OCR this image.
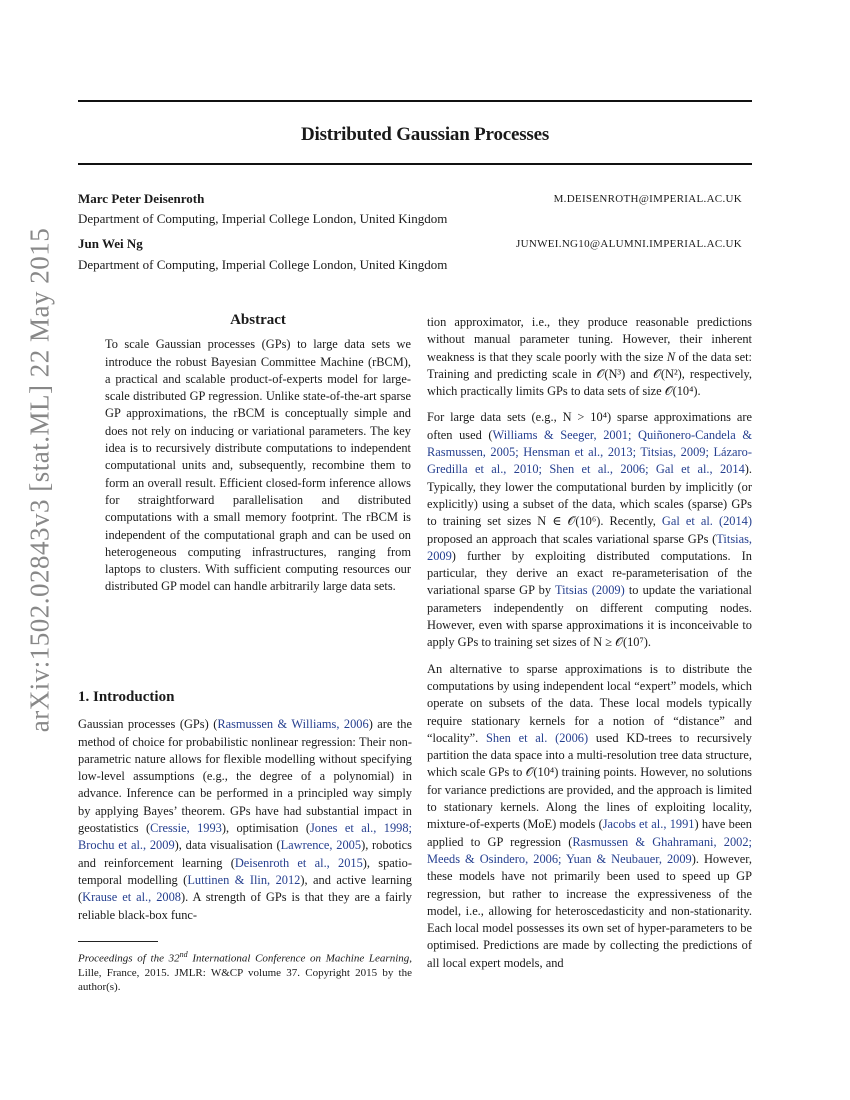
arXiv:1502.02843v3 [stat.ML] 22 May 2015
Distributed Gaussian Processes
Marc Peter Deisenroth	M.DEISENROTH@IMPERIAL.AC.UK
Department of Computing, Imperial College London, United Kingdom
Jun Wei Ng	JUNWEI.NG10@ALUMNI.IMPERIAL.AC.UK
Department of Computing, Imperial College London, United Kingdom
Abstract

To scale Gaussian processes (GPs) to large data sets we introduce the robust Bayesian Committee Machine (rBCM), a practical and scalable product-of-experts model for large-scale distributed GP regression. Unlike state-of-the-art sparse GP approximations, the rBCM is conceptually simple and does not rely on inducing or variational parameters. The key idea is to recursively distribute computations to independent computational units and, subsequently, recombine them to form an overall result. Efficient closed-form inference allows for straightforward parallelisation and distributed computations with a small memory footprint. The rBCM is independent of the computational graph and can be used on heterogeneous computing infrastructures, ranging from laptops to clusters. With sufficient computing resources our distributed GP model can handle arbitrarily large data sets.

1. Introduction

Gaussian processes (GPs) (Rasmussen & Williams, 2006) are the method of choice for probabilistic nonlinear regression: Their non-parametric nature allows for flexible modelling without specifying low-level assumptions (e.g., the degree of a polynomial) in advance. Inference can be performed in a principled way simply by applying Bayes’ theorem. GPs have had substantial impact in geostatistics (Cressie, 1993), optimisation (Jones et al., 1998; Brochu et al., 2009), data visualisation (Lawrence, 2005), robotics and reinforcement learning (Deisenroth et al., 2015), spatio-temporal modelling (Luttinen & Ilin, 2012), and active learning (Krause et al., 2008). A strength of GPs is that they are a fairly reliable black-box func-

Proceedings of the 32nd International Conference on Machine Learning, Lille, France, 2015. JMLR: W&CP volume 37. Copyright 2015 by the author(s).

tion approximator, i.e., they produce reasonable predictions without manual parameter tuning. However, their inherent weakness is that they scale poorly with the size N of the data set: Training and predicting scale in 𝒪(N³) and 𝒪(N²), respectively, which practically limits GPs to data sets of size 𝒪(10⁴).

For large data sets (e.g., N > 10⁴) sparse approximations are often used (Williams & Seeger, 2001; Quiñonero-Candela & Rasmussen, 2005; Hensman et al., 2013; Titsias, 2009; Lázaro-Gredilla et al., 2010; Shen et al., 2006; Gal et al., 2014). Typically, they lower the computational burden by implicitly (or explicitly) using a subset of the data, which scales (sparse) GPs to training set sizes N ∈ 𝒪(10⁶). Recently, Gal et al. (2014) proposed an approach that scales variational sparse GPs (Titsias, 2009) further by exploiting distributed computations. In particular, they derive an exact re-parameterisation of the variational sparse GP by Titsias (2009) to update the variational parameters independently on different computing nodes. However, even with sparse approximations it is inconceivable to apply GPs to training set sizes of N ≥ 𝒪(10⁷).

An alternative to sparse approximations is to distribute the computations by using independent local “expert” models, which operate on subsets of the data. These local models typically require stationary kernels for a notion of “distance” and “locality”. Shen et al. (2006) used KD-trees to recursively partition the data space into a multi-resolution tree data structure, which scale GPs to 𝒪(10⁴) training points. However, no solutions for variance predictions are provided, and the approach is limited to stationary kernels. Along the lines of exploiting locality, mixture-of-experts (MoE) models (Jacobs et al., 1991) have been applied to GP regression (Rasmussen & Ghahramani, 2002; Meeds & Osindero, 2006; Yuan & Neubauer, 2009). However, these models have not primarily been used to speed up GP regression, but rather to increase the expressiveness of the model, i.e., allowing for heteroscedasticity and non-stationarity. Each local model possesses its own set of hyper-parameters to be optimised. Predictions are made by collecting the predictions of all local expert models, and
